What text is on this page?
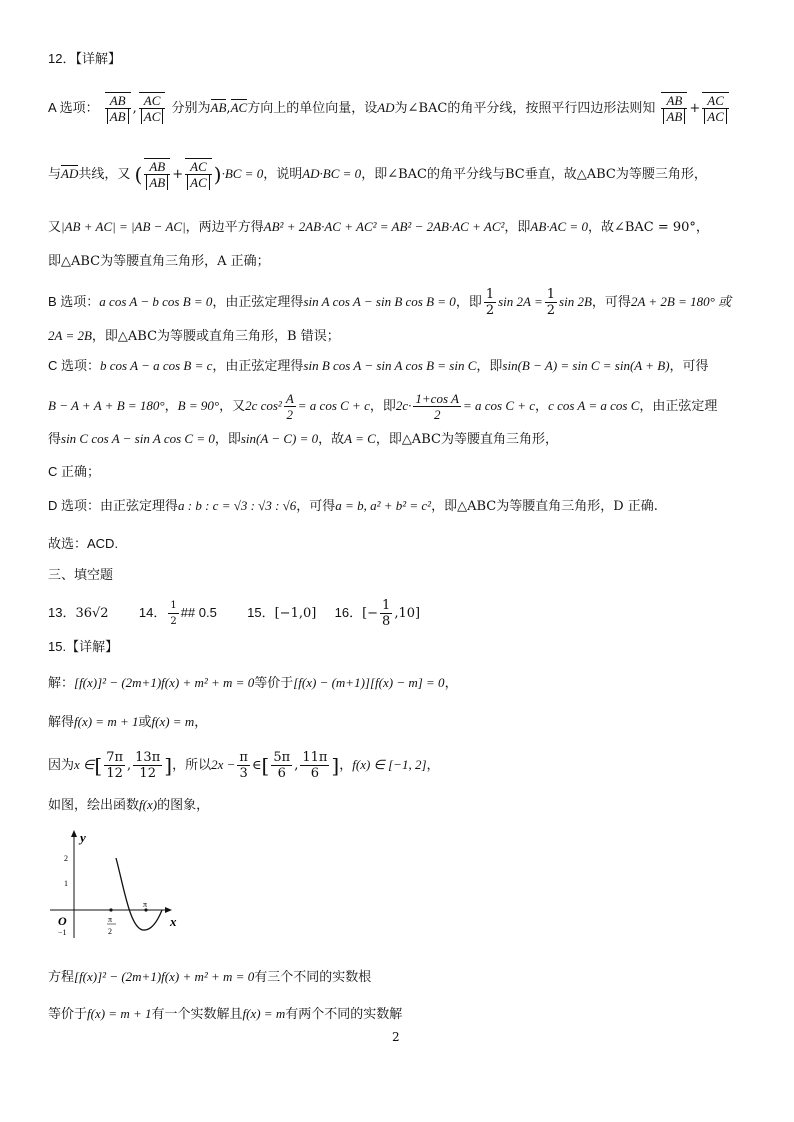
12．【详解】
A 选项： $\frac{AB}{AB}$ , $\frac{AC}{AC}$ 分别为AB,AC方向上的单位向量，设AD为∠BAC的角平分线，按照平行四边形法则知 $\frac{AB}{AB} + \frac{AC}{AC}$
与AD共线，又 ( $\frac{AB}{AB} + \frac{AC}{AC} )\cdot BC = 0$，说明AD·BC = 0，即∠BAC的角平分线与BC垂直，故△ABC为等腰三角形，
又|AB + AC| = |AB − AC|，两边平方得AB² + 2AB·AC + AC² = AB² − 2AB·AC + AC²，即AB·AC = 0，故∠BAC = 90°，
即△ABC为等腰直角三角形，A 正确；
B 选项：a cos A − b cos B = 0，由正弦定理得sin A cos A − sin B cos B = 0，即 $\frac{1}{2}$ $\sin 2A = \frac{1}{2}$ sin 2B，可得2A + 2B = 180° 或
2A = 2B，即△ABC为等腰或直角三角形，B 错误；
C 选项：b cos A − a cos B = c，由正弦定理得sin B cos A − sin A cos B = sin C，即sin(B − A) = sin C = sin(A + B)，可得
B − A + A + B = 180°，B = 90°，又2c $\cos^2 \frac{A}{2} = a$ cos C + c，即$2c\cdot \frac{\text{1+cos A}}{2} = a$ cos C + c，c cos A = a cos C，由正弦定理
得sin C cos A − sin A cos C = 0，即sin(A − C) = 0，故A = C，即△ABC为等腰直角三角形，
C 正确；
D 选项：由正弦定理得a : b : c = √3 : √3 : √6，可得a = b, a² + b² = c²，即△ABC为等腰直角三角形，D 正确.
故选：ACD.
三、填空题
13．36√2 14． $\frac{1}{2}$ ## 0.5 15．[−1,0] 16．[− $\frac{1}{8} ,10$]
15.【详解】
解：[f(x)]² − (2m+1)f(x) + m² + m = 0等价于[f(x) − (m+1)][f(x) − m] = 0，
解得f(x) = m + 1或f(x) = m，
因为x ∈[ $\frac{7\pi}{12}$ , $\frac{13\pi}{12}$ ]，所以$2x - \frac{\pi}{3}$ ∈[ $\frac{5\pi}{6}$ , $\frac{11\pi}{6}$ ]，f(x) ∈ [−1, 2]，
如图，绘出函数f(x)的图象，
y
x
O
2
1
−1
π
2
π
方程[f(x)]² − (2m+1)f(x) + m² + m = 0有三个不同的实数根
等价于f(x) = m + 1有一个实数解且f(x) = m有两个不同的实数解
2
